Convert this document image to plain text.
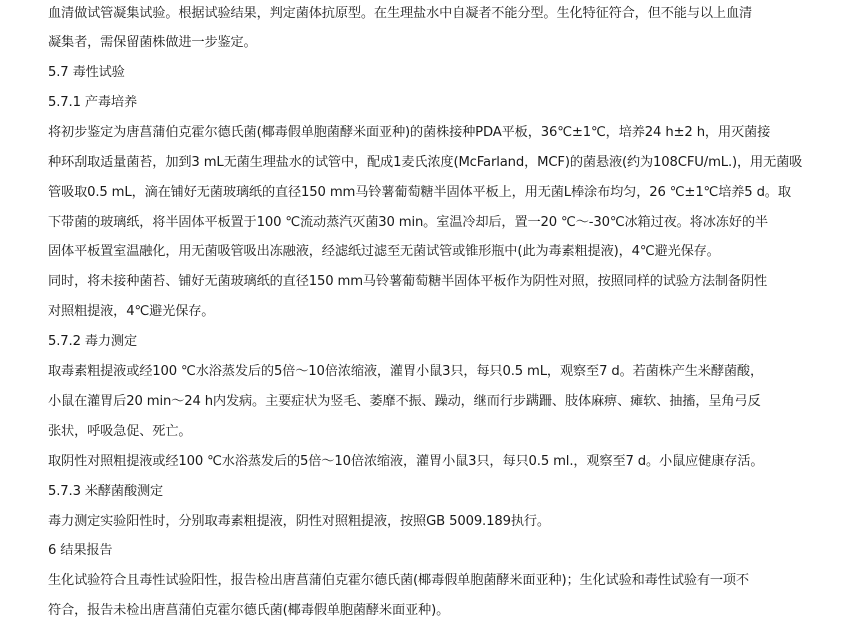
血清做试管凝集试验。根据试验结果，判定菌体抗原型。在生理盐水中自凝者不能分型。生化特征符合，但不能与以上血清
凝集者，需保留菌株做进一步鉴定。
5.7 毒性试验
5.7.1 产毒培养
将初步鉴定为唐菖蒲伯克霍尔德氏菌(椰毒假单胞菌酵米面亚种)的菌株接种PDA平板，36℃±1℃，培养24 h±2 h，用灭菌接
种环刮取适量菌苔，加到3 mL无菌生理盐水的试管中，配成1麦氏浓度(McFarland，MCF)的菌悬液(约为108CFU/mL.)，用无菌吸
管吸取0.5 mL，滴在铺好无菌玻璃纸的直径150 mm马铃薯葡萄糖半固体平板上，用无菌L棒涂布均匀，26 ℃±1℃培养5 d。取
下带菌的玻璃纸，将半固体平板置于100 ℃流动蒸汽灭菌30 min。室温冷却后，置一20 ℃～-30℃冰箱过夜。将冰冻好的半
固体平板置室温融化，用无菌吸管吸出冻融液，经滤纸过滤至无菌试管或锥形瓶中(此为毒素粗提液)，4℃避光保存。
同时，将未接种菌苔、铺好无菌玻璃纸的直径150 mm马铃薯葡萄糖半固体平板作为阴性对照，按照同样的试验方法制备阴性
对照粗提液，4℃避光保存。
5.7.2 毒力测定
取毒素粗提液或经100 ℃水浴蒸发后的5倍～10倍浓缩液，灌胃小鼠3只，每只0.5 mL，观察至7 d。若菌株产生米酵菌酸，
小鼠在灌胃后20 min～24 h内发病。主要症状为竖毛、萎靡不振、躁动，继而行步蹒跚、肢体麻痹、瘫软、抽搐，呈角弓反
张状，呼吸急促、死亡。
取阴性对照粗提液或经100 ℃水浴蒸发后的5倍～10倍浓缩液，灌胃小鼠3只，每只0.5 ml.，观察至7 d。小鼠应健康存活。
5.7.3 米酵菌酸测定
毒力测定实验阳性时，分别取毒素粗提液，阴性对照粗提液，按照GB 5009.189执行。
6 结果报告
生化试验符合且毒性试验阳性，报告检出唐菖蒲伯克霍尔德氏菌(椰毒假单胞菌酵米面亚种)；生化试验和毒性试验有一项不
符合，报告未检出唐菖蒲伯克霍尔德氏菌(椰毒假单胞菌酵米面亚种)。
